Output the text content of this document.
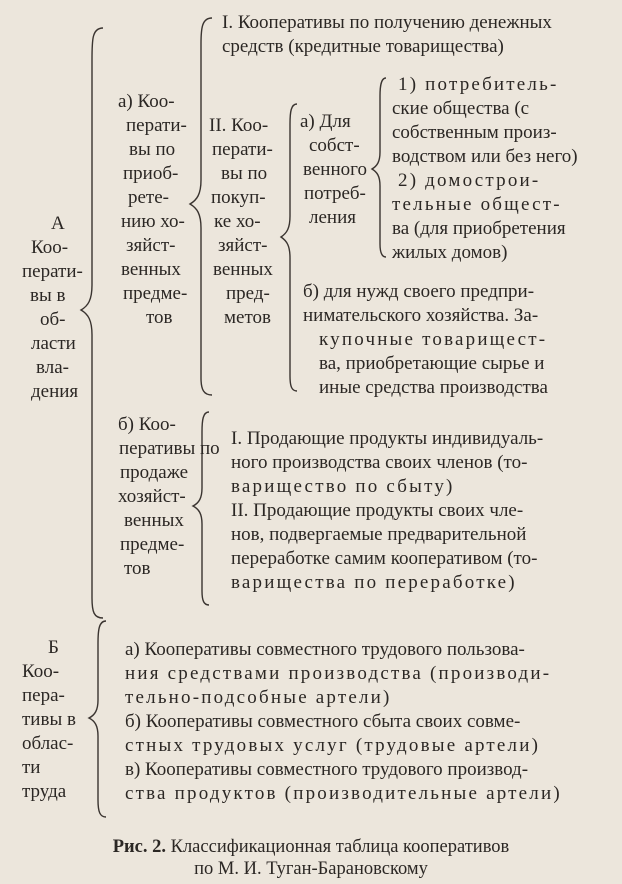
А

Коо-

перати-

вы в

об-

ласти

вла-

дения

а) Коо-

перати-

вы по

приоб-

рете-

нию хо-

зяйст-

венных

предме-

тов

I. Кооперативы по получению денежных

средств (кредитные товарищества)

II. Коо-

перати-

вы по

покуп-

ке хо-

зяйст-

венных

пред-

метов

а) Для

собст-

венного

потреб-

ления

1) потребитель-

ские общества (с

собственным произ-

водством или без него)

2) домострои-

тельные общест-

ва (для приобретения

жилых домов)

б) для нужд своего предпри-

нимательского хозяйства. За-

купочные товарищест-

ва, приобретающие сырье и

иные средства производства

б) Коо-

перативы по

продаже

хозяйст-

венных

предме-

тов

I. Продающие продукты индивидуаль-

ного производства своих членов (то-

варищество по сбыту)

II. Продающие продукты своих чле-

нов, подвергаемые предварительной

переработке самим кооперативом (то-

варищества по переработке)

Б

Коо-

пера-

тивы в

облас-

ти

труда

а) Кооперативы совместного трудового пользова-

ния средствами производства (производи-

тельно-подсобные артели)

б) Кооперативы совместного сбыта своих совме-

стных трудовых услуг (трудовые артели)

в) Кооперативы совместного трудового производ-

ства продуктов (производительные артели)

Рис. 2. Классификационная таблица кооперативов
по М. И. Туган-Барановскому
